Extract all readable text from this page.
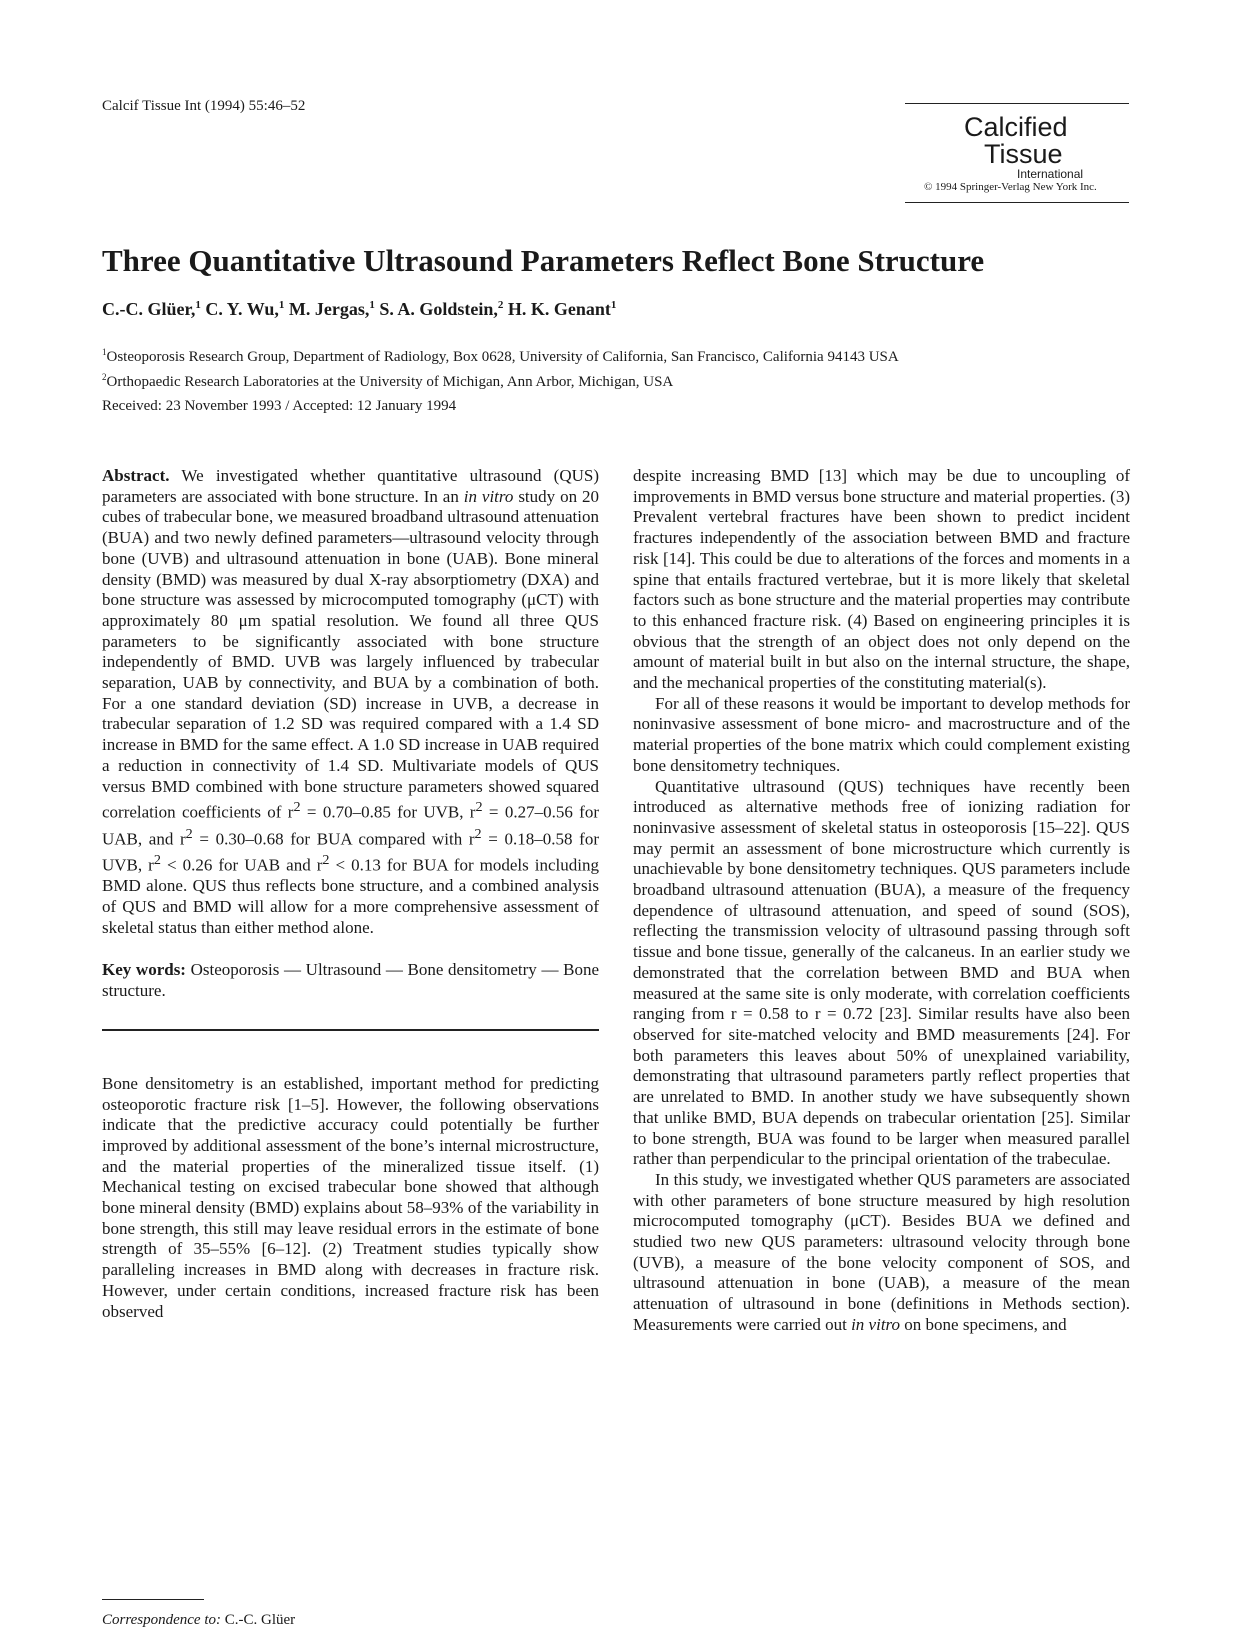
Calcif Tissue Int (1994) 55:46–52
Calcified
Tissue
International
© 1994 Springer-Verlag New York Inc.
Three Quantitative Ultrasound Parameters Reflect Bone Structure
C.-C. Glüer,$^1$ C. Y. Wu,$^1$ M. Jergas,$^1$ S. A. Goldstein,$^2$ H. K. Genant$^1$
$^1$Osteoporosis Research Group, Department of Radiology, Box 0628, University of California, San Francisco, California 94143 USA
$^2$Orthopaedic Research Laboratories at the University of Michigan, Ann Arbor, Michigan, USA
Received: 23 November 1993 / Accepted: 12 January 1994

Abstract. We investigated whether quantitative ultrasound (QUS) parameters are associated with bone structure. In an in vitro study on 20 cubes of trabecular bone, we measured broadband ultrasound attenuation (BUA) and two newly defined parameters—ultrasound velocity through bone (UVB) and ultrasound attenuation in bone (UAB). Bone mineral density (BMD) was measured by dual X-ray absorptiometry (DXA) and bone structure was assessed by microcomputed tomography (μCT) with approximately 80 μm spatial resolution. We found all three QUS parameters to be significantly associated with bone structure independently of BMD. UVB was largely influenced by trabecular separation, UAB by connectivity, and BUA by a combination of both. For a one standard deviation (SD) increase in UVB, a decrease in trabecular separation of 1.2 SD was required compared with a 1.4 SD increase in BMD for the same effect. A 1.0 SD increase in UAB required a reduction in connectivity of 1.4 SD. Multivariate models of QUS versus BMD combined with bone structure parameters showed squared correlation coefficients of $r^2 = 0.70-0.85$ for UVB, $r^2 = 0.27-0.56$ for UAB, and $r^2 = 0.30-0.68$ for BUA compared with $r^2 = 0.18-0.58$ for UVB, $r^2 < 0.26$ for UAB and $r^2 < 0.13$ for BUA for models including BMD alone. QUS thus reflects bone structure, and a combined analysis of QUS and BMD will allow for a more comprehensive assessment of skeletal status than either method alone.

Key words: Osteoporosis — Ultrasound — Bone densitometry — Bone structure.

Bone densitometry is an established, important method for predicting osteoporotic fracture risk [1–5]. However, the following observations indicate that the predictive accuracy could potentially be further improved by additional assessment of the bone’s internal microstructure, and the material properties of the mineralized tissue itself. (1) Mechanical testing on excised trabecular bone showed that although bone mineral density (BMD) explains about 58–93% of the variability in bone strength, this still may leave residual errors in the estimate of bone strength of 35–55% [6–12]. (2) Treatment studies typically show paralleling increases in BMD along with decreases in fracture risk. However, under certain conditions, increased fracture risk has been observed

despite increasing BMD [13] which may be due to uncoupling of improvements in BMD versus bone structure and material properties. (3) Prevalent vertebral fractures have been shown to predict incident fractures independently of the association between BMD and fracture risk [14]. This could be due to alterations of the forces and moments in a spine that entails fractured vertebrae, but it is more likely that skeletal factors such as bone structure and the material properties may contribute to this enhanced fracture risk. (4) Based on engineering principles it is obvious that the strength of an object does not only depend on the amount of material built in but also on the internal structure, the shape, and the mechanical properties of the constituting material(s).

For all of these reasons it would be important to develop methods for noninvasive assessment of bone micro- and macrostructure and of the material properties of the bone matrix which could complement existing bone densitometry techniques.

Quantitative ultrasound (QUS) techniques have recently been introduced as alternative methods free of ionizing radiation for noninvasive assessment of skeletal status in osteoporosis [15–22]. QUS may permit an assessment of bone microstructure which currently is unachievable by bone densitometry techniques. QUS parameters include broadband ultrasound attenuation (BUA), a measure of the frequency dependence of ultrasound attenuation, and speed of sound (SOS), reflecting the transmission velocity of ultrasound passing through soft tissue and bone tissue, generally of the calcaneus. In an earlier study we demonstrated that the correlation between BMD and BUA when measured at the same site is only moderate, with correlation coefficients ranging from r = 0.58 to r = 0.72 [23]. Similar results have also been observed for site-matched velocity and BMD measurements [24]. For both parameters this leaves about 50% of unexplained variability, demonstrating that ultrasound parameters partly reflect properties that are unrelated to BMD. In another study we have subsequently shown that unlike BMD, BUA depends on trabecular orientation [25]. Similar to bone strength, BUA was found to be larger when measured parallel rather than perpendicular to the principal orientation of the trabeculae.

In this study, we investigated whether QUS parameters are associated with other parameters of bone structure measured by high resolution microcomputed tomography (μCT). Besides BUA we defined and studied two new QUS parameters: ultrasound velocity through bone (UVB), a measure of the bone velocity component of SOS, and ultrasound attenuation in bone (UAB), a measure of the mean attenuation of ultrasound in bone (definitions in Methods section). Measurements were carried out in vitro on bone specimens, and

Correspondence to: C.-C. Glüer
